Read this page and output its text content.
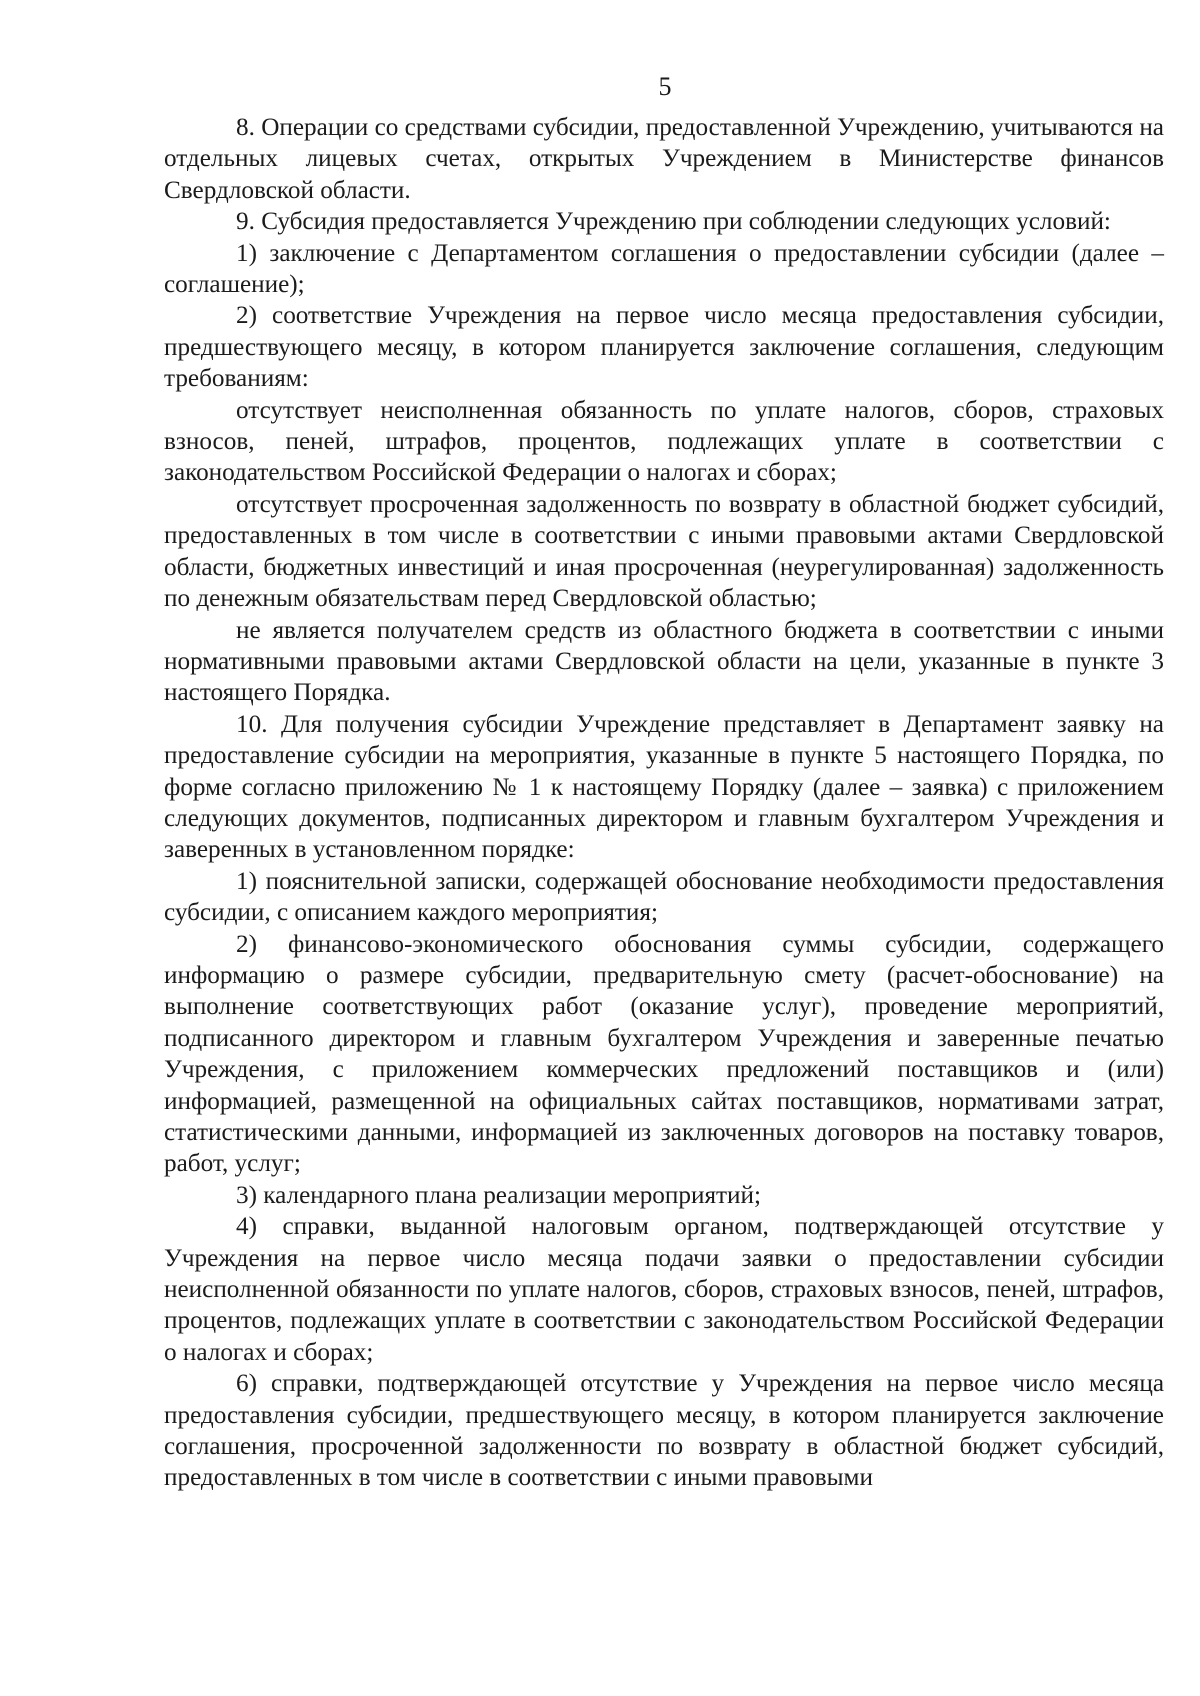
5

8. Операции со средствами субсидии, предоставленной Учреждению, учитываются на отдельных лицевых счетах, открытых Учреждением в Министерстве финансов Свердловской области.

9. Субсидия предоставляется Учреждению при соблюдении следующих условий:

1) заключение с Департаментом соглашения о предоставлении субсидии (далее – соглашение);

2) соответствие Учреждения на первое число месяца предоставления субсидии, предшествующего месяцу, в котором планируется заключение соглашения, следующим требованиям:

отсутствует неисполненная обязанность по уплате налогов, сборов, страховых взносов, пеней, штрафов, процентов, подлежащих уплате в соответствии с законодательством Российской Федерации о налогах и сборах;

отсутствует просроченная задолженность по возврату в областной бюджет субсидий, предоставленных в том числе в соответствии с иными правовыми актами Свердловской области, бюджетных инвестиций и иная просроченная (неурегулированная) задолженность по денежным обязательствам перед Свердловской областью;

не является получателем средств из областного бюджета в соответствии с иными нормативными правовыми актами Свердловской области на цели, указанные в пункте 3 настоящего Порядка.

10. Для получения субсидии Учреждение представляет в Департамент заявку на предоставление субсидии на мероприятия, указанные в пункте 5 настоящего Порядка, по форме согласно приложению № 1 к настоящему Порядку (далее – заявка) с приложением следующих документов, подписанных директором и главным бухгалтером Учреждения и заверенных в установленном порядке:

1) пояснительной записки, содержащей обоснование необходимости предоставления субсидии, с описанием каждого мероприятия;

2) финансово-экономического обоснования суммы субсидии, содержащего информацию о размере субсидии, предварительную смету (расчет-обоснование) на выполнение соответствующих работ (оказание услуг), проведение мероприятий, подписанного директором и главным бухгалтером Учреждения и заверенные печатью Учреждения, с приложением коммерческих предложений поставщиков и (или) информацией, размещенной на официальных сайтах поставщиков, нормативами затрат, статистическими данными, информацией из заключенных договоров на поставку товаров, работ, услуг;

3) календарного плана реализации мероприятий;

4) справки, выданной налоговым органом, подтверждающей отсутствие у Учреждения на первое число месяца подачи заявки о предоставлении субсидии неисполненной обязанности по уплате налогов, сборов, страховых взносов, пеней, штрафов, процентов, подлежащих уплате в соответствии с законодательством Российской Федерации о налогах и сборах;

6) справки, подтверждающей отсутствие у Учреждения на первое число месяца предоставления субсидии, предшествующего месяцу, в котором планируется заключение соглашения, просроченной задолженности по возврату в областной бюджет субсидий, предоставленных в том числе в соответствии с иными правовыми
